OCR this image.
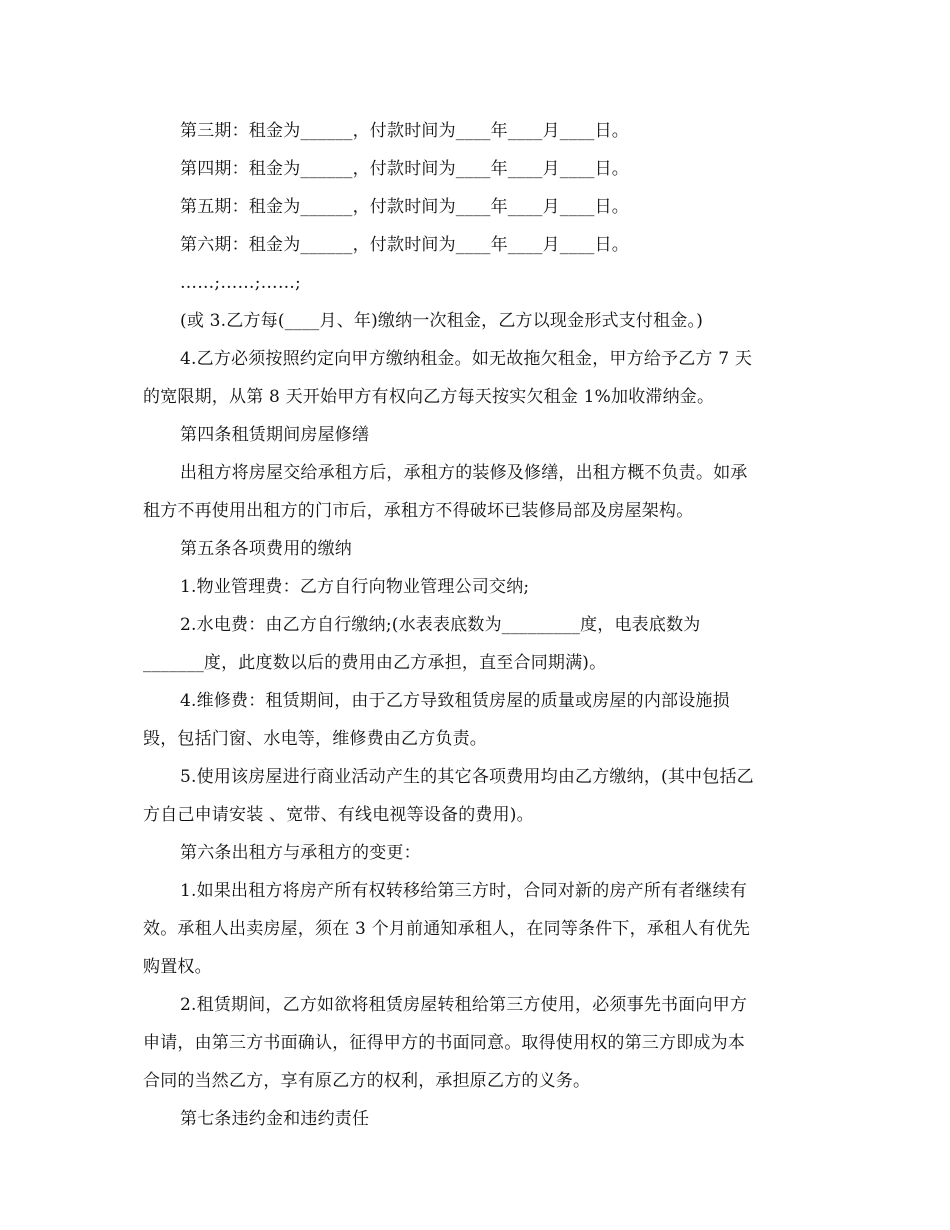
第三期：租金为______，付款时间为____年____月____日。
第四期：租金为______，付款时间为____年____月____日。
第五期：租金为______，付款时间为____年____月____日。
第六期：租金为______，付款时间为____年____月____日。
……;……;……;
(或 3.乙方每(____月、年)缴纳一次租金，乙方以现金形式支付租金。)
4.乙方必须按照约定向甲方缴纳租金。如无故拖欠租金，甲方给予乙方 7 天
的宽限期，从第 8 天开始甲方有权向乙方每天按实欠租金 1%加收滞纳金。
第四条租赁期间房屋修缮
出租方将房屋交给承租方后，承租方的装修及修缮，出租方概不负责。如承
租方不再使用出租方的门市后，承租方不得破坏已装修局部及房屋架构。
第五条各项费用的缴纳
1.物业管理费：乙方自行向物业管理公司交纳;
2.水电费：由乙方自行缴纳;(水表表底数为_________度，电表底数为
_______度，此度数以后的费用由乙方承担，直至合同期满)。
4.维修费：租赁期间，由于乙方导致租赁房屋的质量或房屋的内部设施损
毁，包括门窗、水电等，维修费由乙方负责。
5.使用该房屋进行商业活动产生的其它各项费用均由乙方缴纳，(其中包括乙
方自己申请安装 、宽带、有线电视等设备的费用)。
第六条出租方与承租方的变更：
1.如果出租方将房产所有权转移给第三方时，合同对新的房产所有者继续有
效。承租人出卖房屋，须在 3 个月前通知承租人，在同等条件下，承租人有优先
购置权。
2.租赁期间，乙方如欲将租赁房屋转租给第三方使用，必须事先书面向甲方
申请，由第三方书面确认，征得甲方的书面同意。取得使用权的第三方即成为本
合同的当然乙方，享有原乙方的权利，承担原乙方的义务。
第七条违约金和违约责任
